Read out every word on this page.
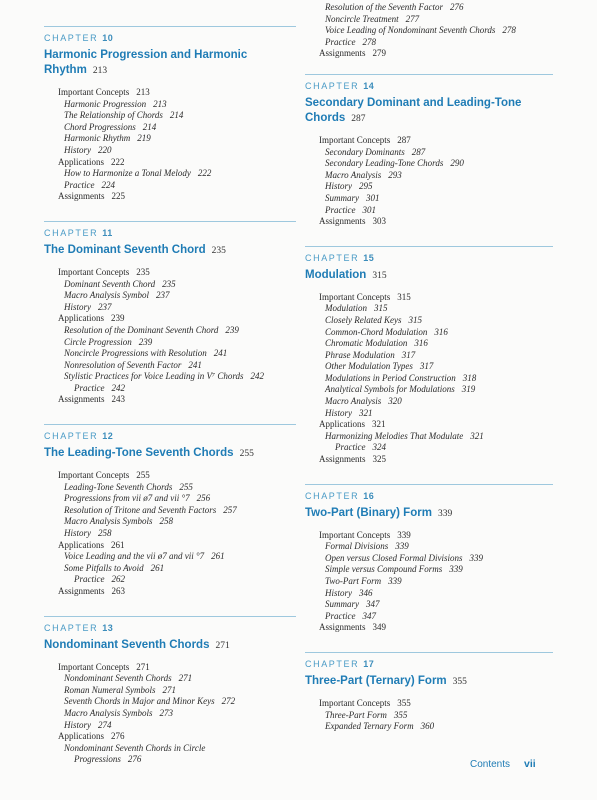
CHAPTER 10
Harmonic Progression and Harmonic Rhythm 213
Important Concepts 213
Harmonic Progression 213
The Relationship of Chords 214
Chord Progressions 214
Harmonic Rhythm 219
History 220
Applications 222
How to Harmonize a Tonal Melody 222
Practice 224
Assignments 225
CHAPTER 11
The Dominant Seventh Chord 235
Important Concepts 235
Dominant Seventh Chord 235
Macro Analysis Symbol 237
History 237
Applications 239
Resolution of the Dominant Seventh Chord 239
Circle Progression 239
Noncircle Progressions with Resolution 241
Nonresolution of Seventh Factor 241
Stylistic Practices for Voice Leading in V⁷ Chords 242
Practice 242
Assignments 243
CHAPTER 12
The Leading-Tone Seventh Chords 255
Important Concepts 255
Leading-Tone Seventh Chords 255
Progressions from vii ø7 and vii °7 256
Resolution of Tritone and Seventh Factors 257
Macro Analysis Symbols 258
History 258
Applications 261
Voice Leading and the vii ø7 and vii °7 261
Some Pitfalls to Avoid 261
Practice 262
Assignments 263
CHAPTER 13
Nondominant Seventh Chords 271
Important Concepts 271
Nondominant Seventh Chords 271
Roman Numeral Symbols 271
Seventh Chords in Major and Minor Keys 272
Macro Analysis Symbols 273
History 274
Applications 276
Nondominant Seventh Chords in Circle
Progressions 276
Resolution of the Seventh Factor 276
Noncircle Treatment 277
Voice Leading of Nondominant Seventh Chords 278
Practice 278
Assignments 279
CHAPTER 14
Secondary Dominant and Leading-Tone Chords 287
Important Concepts 287
Secondary Dominants 287
Secondary Leading-Tone Chords 290
Macro Analysis 293
History 295
Summary 301
Practice 301
Assignments 303
CHAPTER 15
Modulation 315
Important Concepts 315
Modulation 315
Closely Related Keys 315
Common-Chord Modulation 316
Chromatic Modulation 316
Phrase Modulation 317
Other Modulation Types 317
Modulations in Period Construction 318
Analytical Symbols for Modulations 319
Macro Analysis 320
History 321
Applications 321
Harmonizing Melodies That Modulate 321
Practice 324
Assignments 325
CHAPTER 16
Two-Part (Binary) Form 339
Important Concepts 339
Formal Divisions 339
Open versus Closed Formal Divisions 339
Simple versus Compound Forms 339
Two-Part Form 339
History 346
Summary 347
Practice 347
Assignments 349
CHAPTER 17
Three-Part (Ternary) Form 355
Important Concepts 355
Three-Part Form 355
Expanded Ternary Form 360
Contents vii
